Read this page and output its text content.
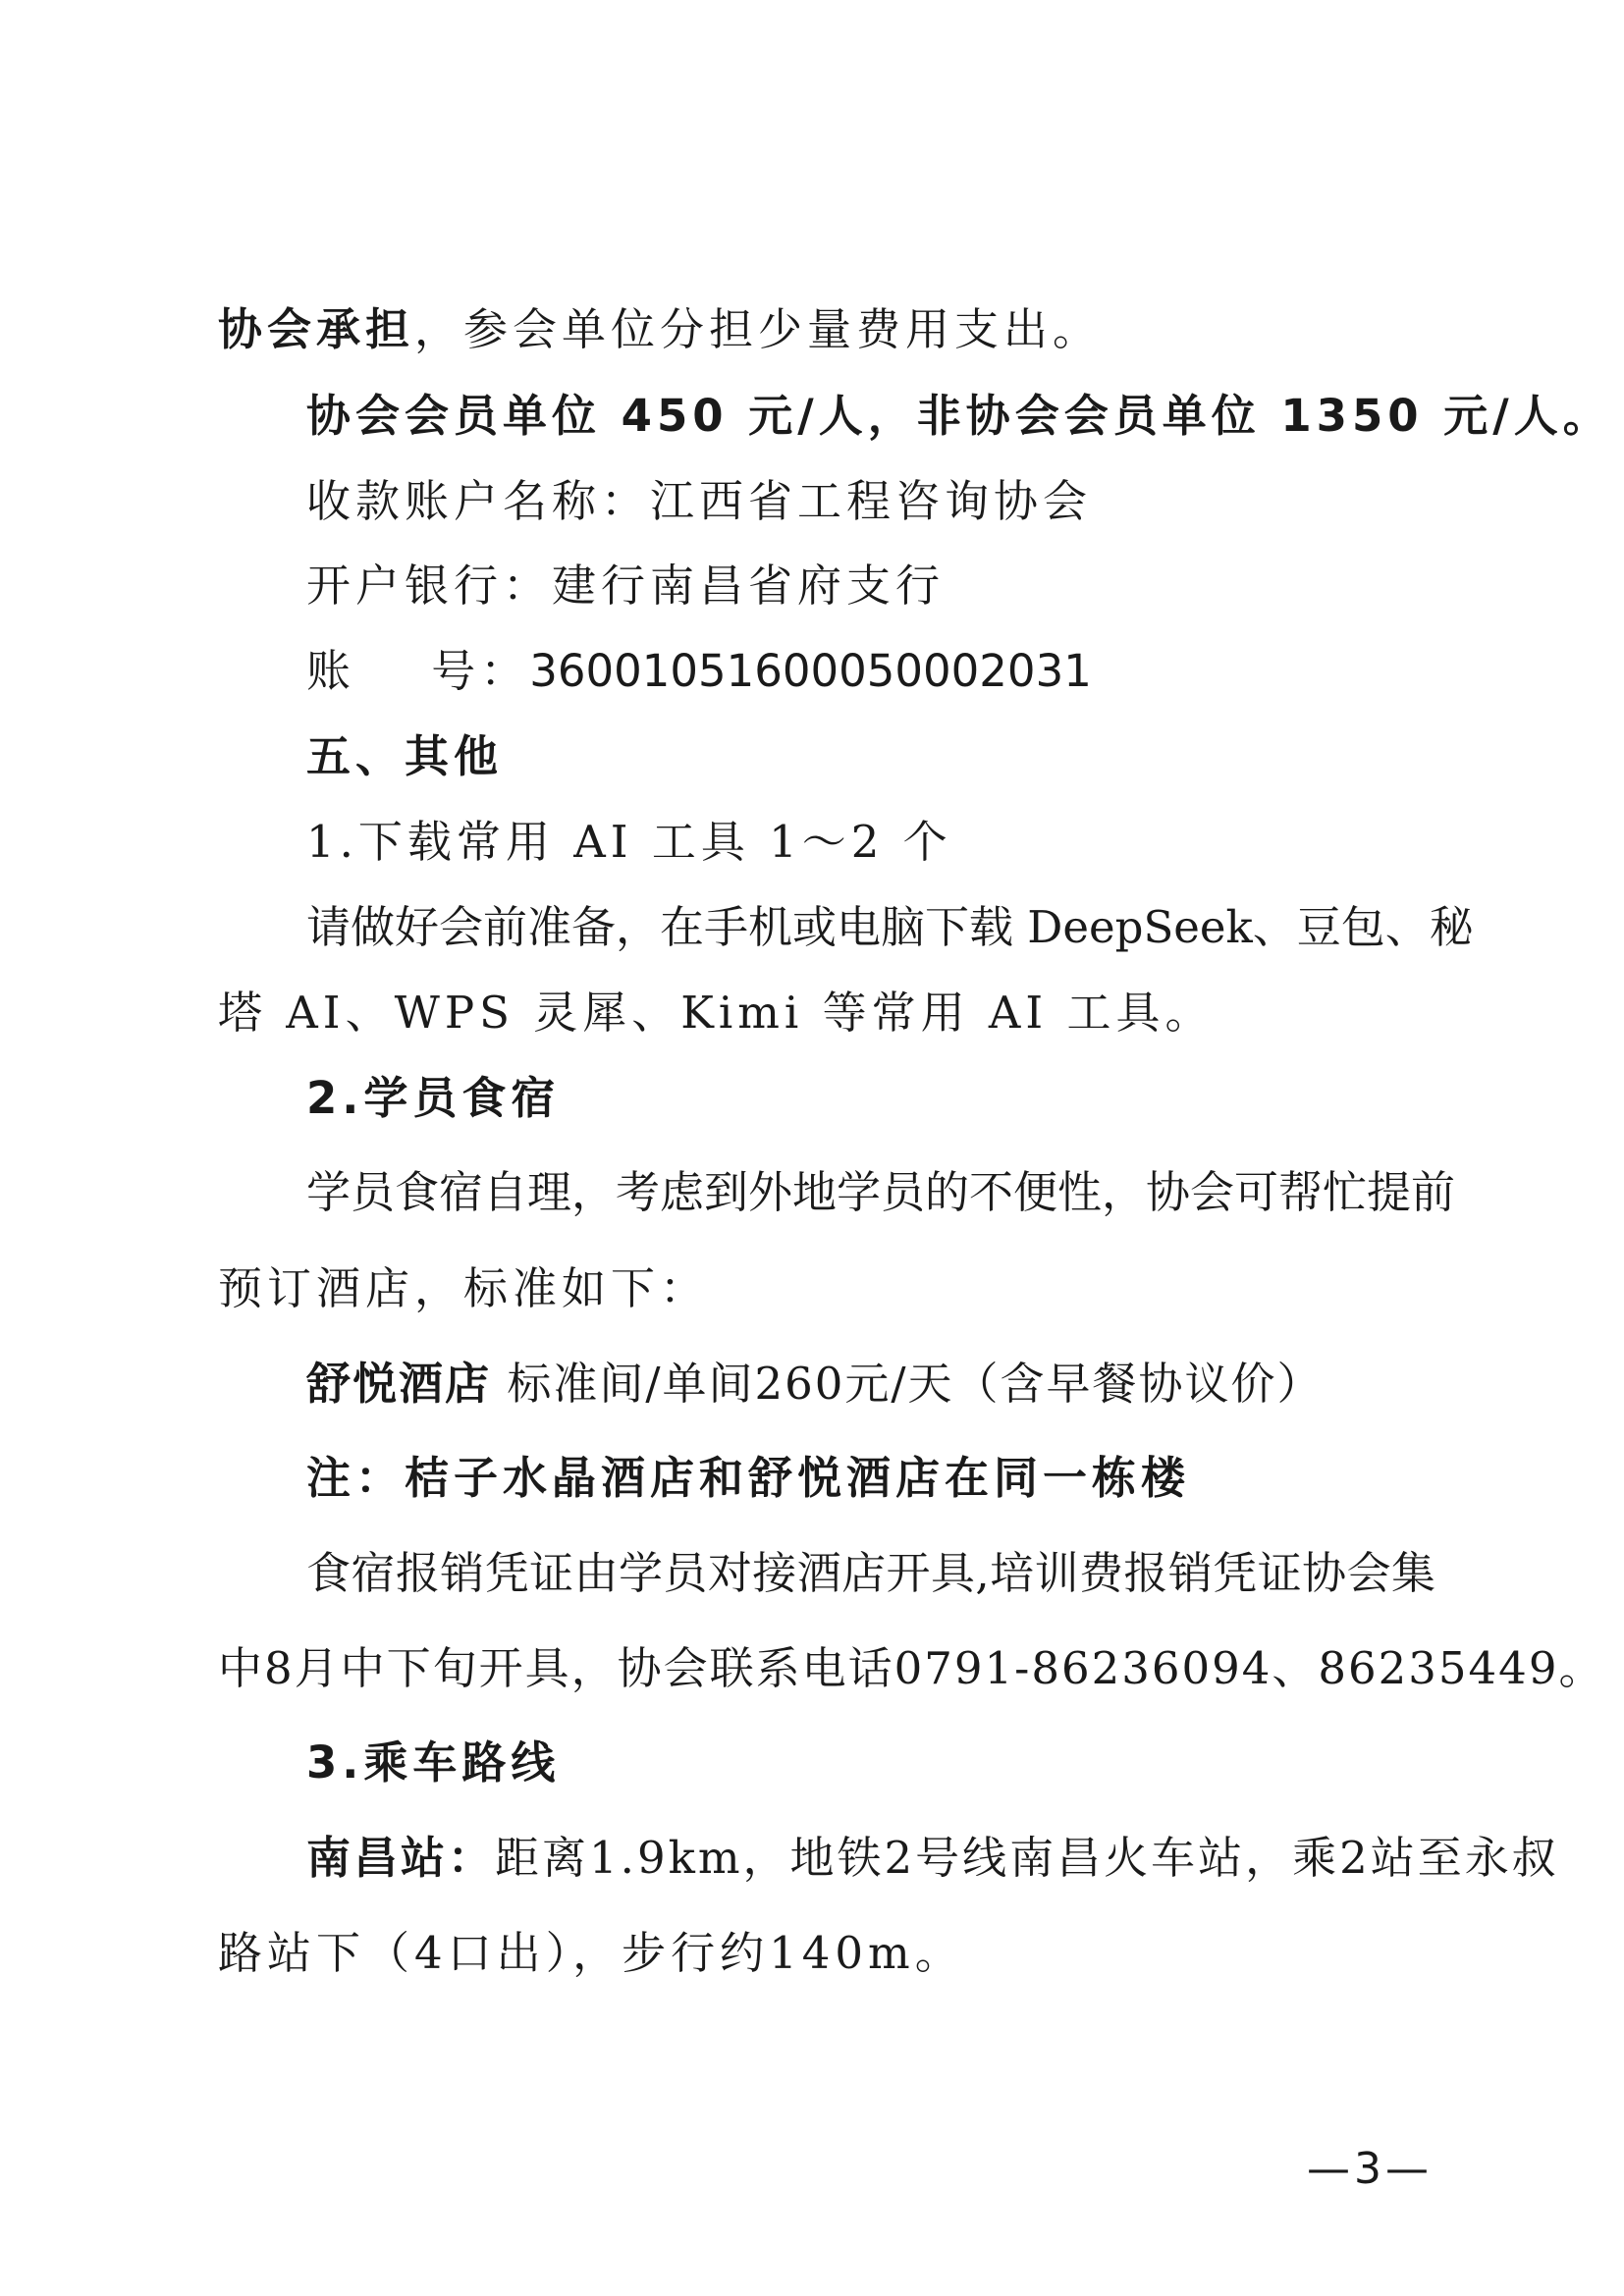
协会承担，参会单位分担少量费用支出。
协会会员单位 450 元/人，非协会会员单位 1350 元/人。
收款账户名称：江西省工程咨询协会
开户银行：建行南昌省府支行
账    号：36001051600050002031
五、其他
1.下载常用 AI 工具 1～2 个
请做好会前准备，在手机或电脑下载 DeepSeek、豆包、秘
塔 AI、WPS 灵犀、Kimi 等常用 AI 工具。
2.学员食宿
学员食宿自理，考虑到外地学员的不便性，协会可帮忙提前
预订酒店，标准如下：
舒悦酒店 标准间/单间260元/天（含早餐协议价）
注：桔子水晶酒店和舒悦酒店在同一栋楼
食宿报销凭证由学员对接酒店开具,培训费报销凭证协会集
中8月中下旬开具，协会联系电话0791-86236094、86235449。
3.乘车路线
南昌站：距离1.9km，地铁2号线南昌火车站，乘2站至永叔
路站下（4口出），步行约140m。
—3—
